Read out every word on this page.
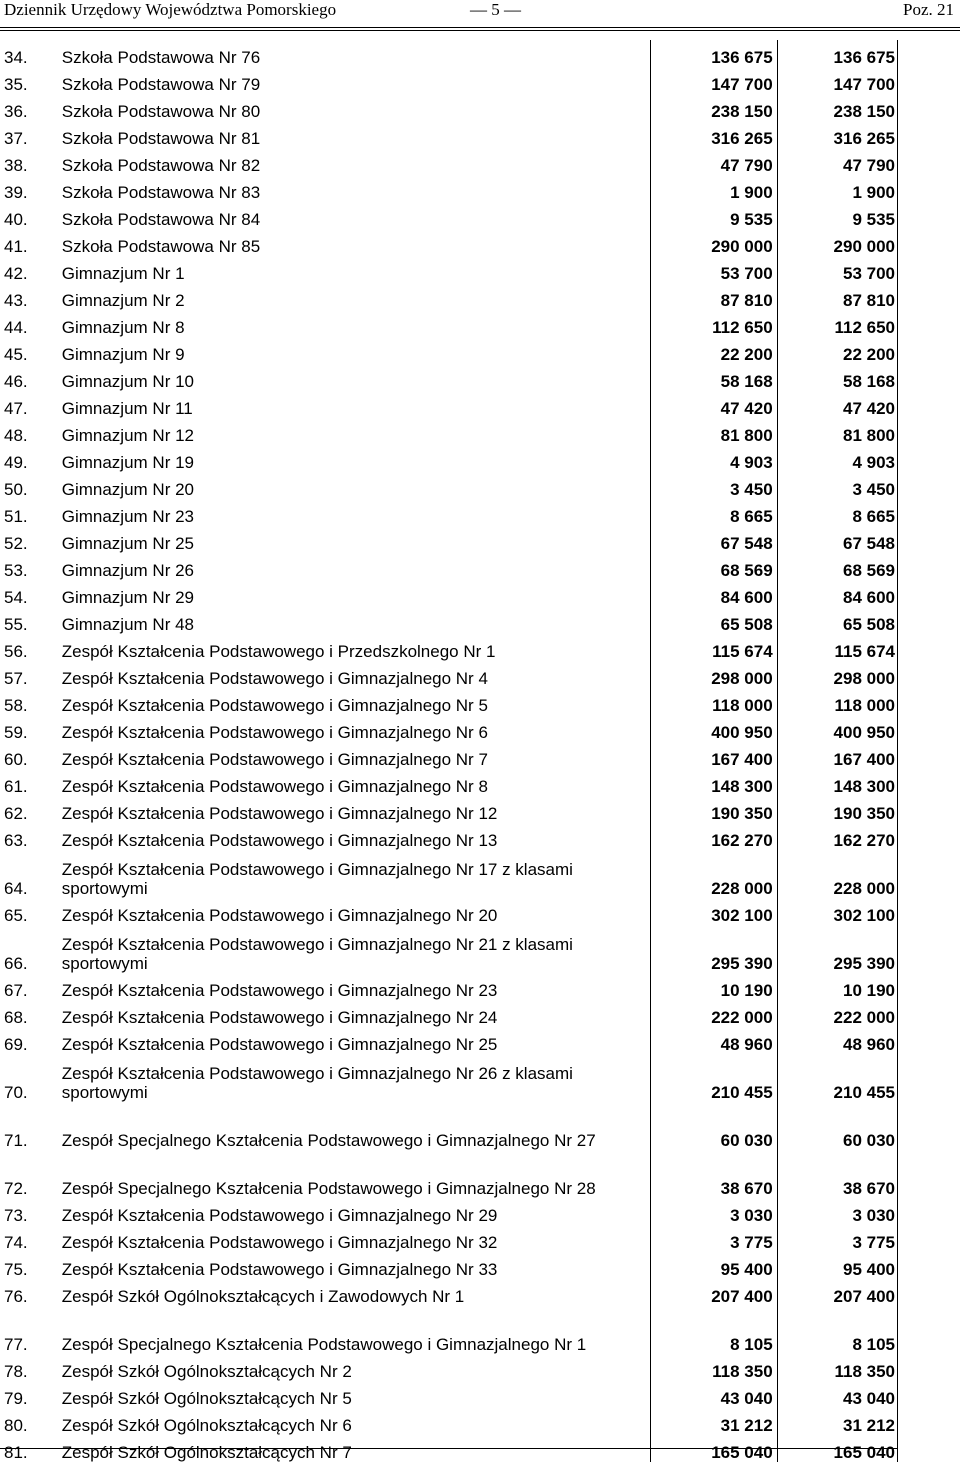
Dziennik Urzędowy Województwa Pomorskiego	— 5 —	Poz. 21
34.	Szkoła Podstawowa Nr 76	136 675	136 675
35.	Szkoła Podstawowa Nr 79	147 700	147 700
36.	Szkoła Podstawowa Nr 80	238 150	238 150
37.	Szkoła Podstawowa Nr 81	316 265	316 265
38.	Szkoła Podstawowa Nr 82	47 790	47 790
39.	Szkoła Podstawowa Nr 83	1 900	1 900
40.	Szkoła Podstawowa Nr 84	9 535	9 535
41.	Szkoła Podstawowa Nr 85	290 000	290 000
42.	Gimnazjum Nr 1	53 700	53 700
43.	Gimnazjum Nr 2	87 810	87 810
44.	Gimnazjum Nr 8	112 650	112 650
45.	Gimnazjum Nr 9	22 200	22 200
46.	Gimnazjum Nr 10	58 168	58 168
47.	Gimnazjum Nr 11	47 420	47 420
48.	Gimnazjum Nr 12	81 800	81 800
49.	Gimnazjum Nr 19	4 903	4 903
50.	Gimnazjum Nr 20	3 450	3 450
51.	Gimnazjum Nr 23	8 665	8 665
52.	Gimnazjum Nr 25	67 548	67 548
53.	Gimnazjum Nr 26	68 569	68 569
54.	Gimnazjum Nr 29	84 600	84 600
55.	Gimnazjum Nr 48	65 508	65 508
56.	Zespół Kształcenia Podstawowego i Przedszkolnego Nr 1	115 674	115 674
57.	Zespół Kształcenia Podstawowego i Gimnazjalnego Nr 4	298 000	298 000
58.	Zespół Kształcenia Podstawowego i Gimnazjalnego Nr 5	118 000	118 000
59.	Zespół Kształcenia Podstawowego i Gimnazjalnego Nr 6	400 950	400 950
60.	Zespół Kształcenia Podstawowego i Gimnazjalnego Nr 7	167 400	167 400
61.	Zespół Kształcenia Podstawowego i Gimnazjalnego Nr 8	148 300	148 300
62.	Zespół Kształcenia Podstawowego i Gimnazjalnego Nr 12	190 350	190 350
63.	Zespół Kształcenia Podstawowego i Gimnazjalnego Nr 13	162 270	162 270
64.	Zespół Kształcenia Podstawowego i Gimnazjalnego Nr 17 z klasami sportowymi	228 000	228 000
65.	Zespół Kształcenia Podstawowego i Gimnazjalnego Nr 20	302 100	302 100
66.	Zespół Kształcenia Podstawowego i Gimnazjalnego Nr 21 z klasami sportowymi	295 390	295 390
67.	Zespół Kształcenia Podstawowego i Gimnazjalnego Nr 23	10 190	10 190
68.	Zespół Kształcenia Podstawowego i Gimnazjalnego Nr 24	222 000	222 000
69.	Zespół Kształcenia Podstawowego i Gimnazjalnego Nr 25	48 960	48 960
70.	Zespół Kształcenia Podstawowego i Gimnazjalnego Nr 26 z klasami sportowymi	210 455	210 455
71.	Zespół Specjalnego Kształcenia Podstawowego i Gimnazjalnego Nr 27	60 030	60 030
72.	Zespół Specjalnego Kształcenia Podstawowego i Gimnazjalnego Nr 28	38 670	38 670
73.	Zespół Kształcenia Podstawowego i Gimnazjalnego Nr 29	3 030	3 030
74.	Zespół Kształcenia Podstawowego i Gimnazjalnego Nr 32	3 775	3 775
75.	Zespół Kształcenia Podstawowego i Gimnazjalnego Nr 33	95 400	95 400
76.	Zespół Szkół Ogólnokształcących i Zawodowych Nr 1	207 400	207 400
77.	Zespół Specjalnego Kształcenia Podstawowego i Gimnazjalnego Nr 1	8 105	8 105
78.	Zespół Szkół Ogólnokształcących Nr 2	118 350	118 350
79.	Zespół Szkół Ogólnokształcących Nr 5	43 040	43 040
80.	Zespół Szkół Ogólnokształcących Nr 6	31 212	31 212
81.	Zespół Szkół Ogólnokształcących Nr 7	165 040	165 040
